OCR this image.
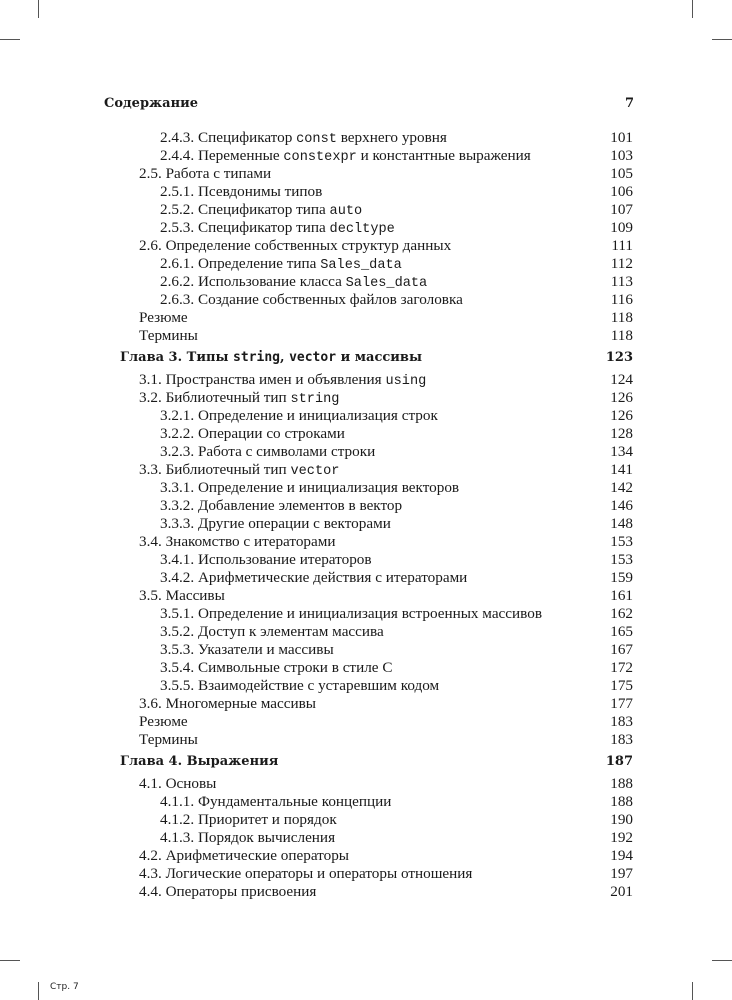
Содержание	7
2.4.3. Спецификатор const верхнего уровня	101
2.4.4. Переменные constexpr и константные выражения	103
2.5. Работа с типами	105
2.5.1. Псевдонимы типов	106
2.5.2. Спецификатор типа auto	107
2.5.3. Спецификатор типа decltype	109
2.6. Определение собственных структур данных	111
2.6.1. Определение типа Sales_data	112
2.6.2. Использование класса Sales_data	113
2.6.3. Создание собственных файлов заголовка	116
Резюме	118
Термины	118
Глава 3. Типы string, vector и массивы	123
3.1. Пространства имен и объявления using	124
3.2. Библиотечный тип string	126
3.2.1. Определение и инициализация строк	126
3.2.2. Операции со строками	128
3.2.3. Работа с символами строки	134
3.3. Библиотечный тип vector	141
3.3.1. Определение и инициализация векторов	142
3.3.2. Добавление элементов в вектор	146
3.3.3. Другие операции с векторами	148
3.4. Знакомство с итераторами	153
3.4.1. Использование итераторов	153
3.4.2. Арифметические действия с итераторами	159
3.5. Массивы	161
3.5.1. Определение и инициализация встроенных массивов	162
3.5.2. Доступ к элементам массива	165
3.5.3. Указатели и массивы	167
3.5.4. Символьные строки в стиле С	172
3.5.5. Взаимодействие с устаревшим кодом	175
3.6. Многомерные массивы	177
Резюме	183
Термины	183
Глава 4. Выражения	187
4.1. Основы	188
4.1.1. Фундаментальные концепции	188
4.1.2. Приоритет и порядок	190
4.1.3. Порядок вычисления	192
4.2. Арифметические операторы	194
4.3. Логические операторы и операторы отношения	197
4.4. Операторы присвоения	201
Стр. 7
